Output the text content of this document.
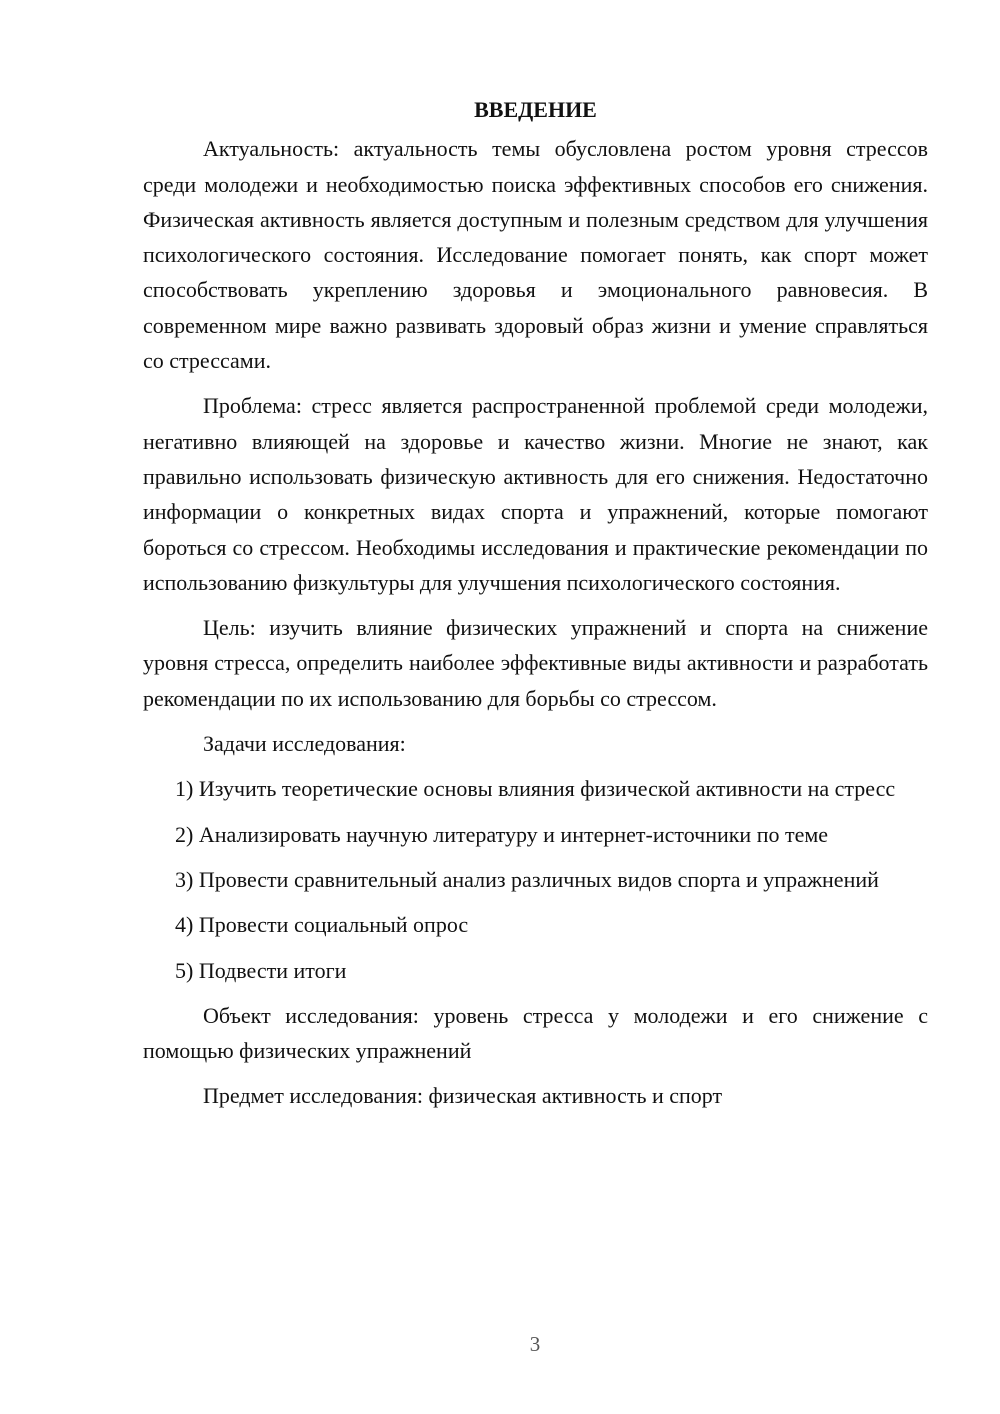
ВВЕДЕНИЕ

Актуальность: актуальность темы обусловлена ростом уровня стрессов среди молодежи и необходимостью поиска эффективных способов его снижения. Физическая активность является доступным и полезным средством для улучшения психологического состояния. Исследование помогает понять, как спорт может способствовать укреплению здоровья и эмоционального равновесия. В современном мире важно развивать здоровый образ жизни и умение справляться со стрессами.

Проблема: стресс является распространенной проблемой среди молодежи, негативно влияющей на здоровье и качество жизни. Многие не знают, как правильно использовать физическую активность для его снижения. Недостаточно информации о конкретных видах спорта и упражнений, которые помогают бороться со стрессом. Необходимы исследования и практические рекомендации по использованию физкультуры для улучшения психологического состояния.

Цель: изучить влияние физических упражнений и спорта на снижение уровня стресса, определить наиболее эффективные виды активности и разработать рекомендации по их использованию для борьбы со стрессом.

Задачи исследования:

1) Изучить теоретические основы влияния физической активности на стресс

2) Анализировать научную литературу и интернет-источники по теме

3) Провести сравнительный анализ различных видов спорта и упражнений

4) Провести социальный опрос

5) Подвести итоги

Объект исследования: уровень стресса у молодежи и его снижение с помощью физических упражнений

Предмет исследования: физическая активность и спорт

3
